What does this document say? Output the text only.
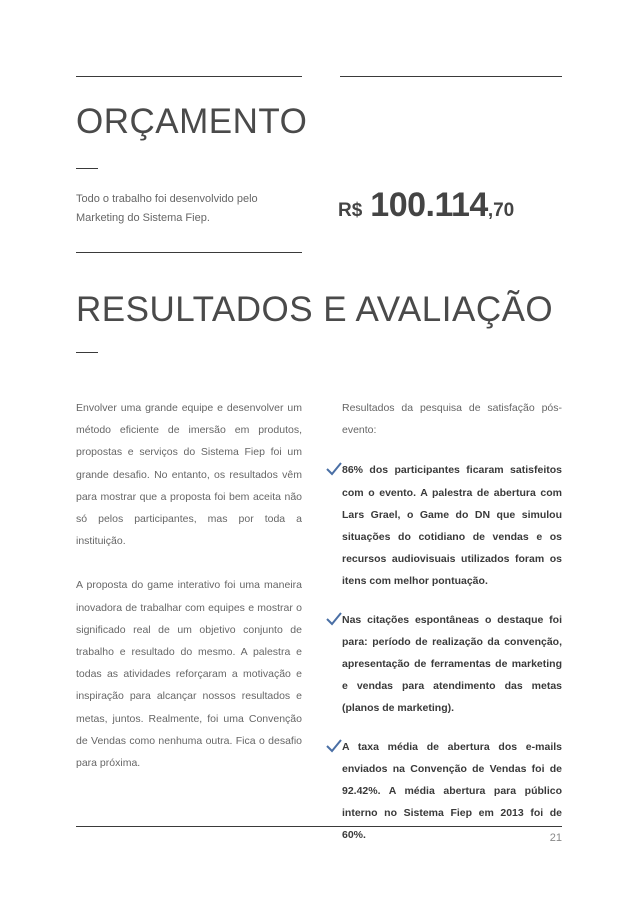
ORÇAMENTO

Todo o trabalho foi desenvolvido pelo Marketing do Sistema Fiep.	R$ 100.114,70
RESULTADOS E AVALIAÇÃO

Envolver uma grande equipe e desenvolver um método eficiente de imersão em produtos, propostas e serviços do Sistema Fiep foi um grande desafio. No entanto, os resultados vêm para mostrar que a proposta foi bem aceita não só pelos participantes, mas por toda a instituição.

A proposta do game interativo foi uma maneira inovadora de trabalhar com equipes e mostrar o significado real de um objetivo conjunto de trabalho e resultado do mesmo. A palestra e todas as atividades reforçaram a motivação e inspiração para alcançar nossos resultados e metas, juntos. Realmente, foi uma Convenção de Vendas como nenhuma outra. Fica o desafio para próxima.

Resultados da pesquisa de satisfação pós-evento:

86% dos participantes ficaram satisfeitos com o evento. A palestra de abertura com Lars Grael, o Game do DN que simulou situações do cotidiano de vendas e os recursos audiovisuais utilizados foram os itens com melhor pontuação.
Nas citações espontâneas o destaque foi para: período de realização da convenção, apresentação de ferramentas de marketing e vendas para atendimento das metas (planos de marketing).
A taxa média de abertura dos e-mails enviados na Convenção de Vendas foi de 92.42%. A média abertura para público interno no Sistema Fiep em 2013 foi de 60%.	21
